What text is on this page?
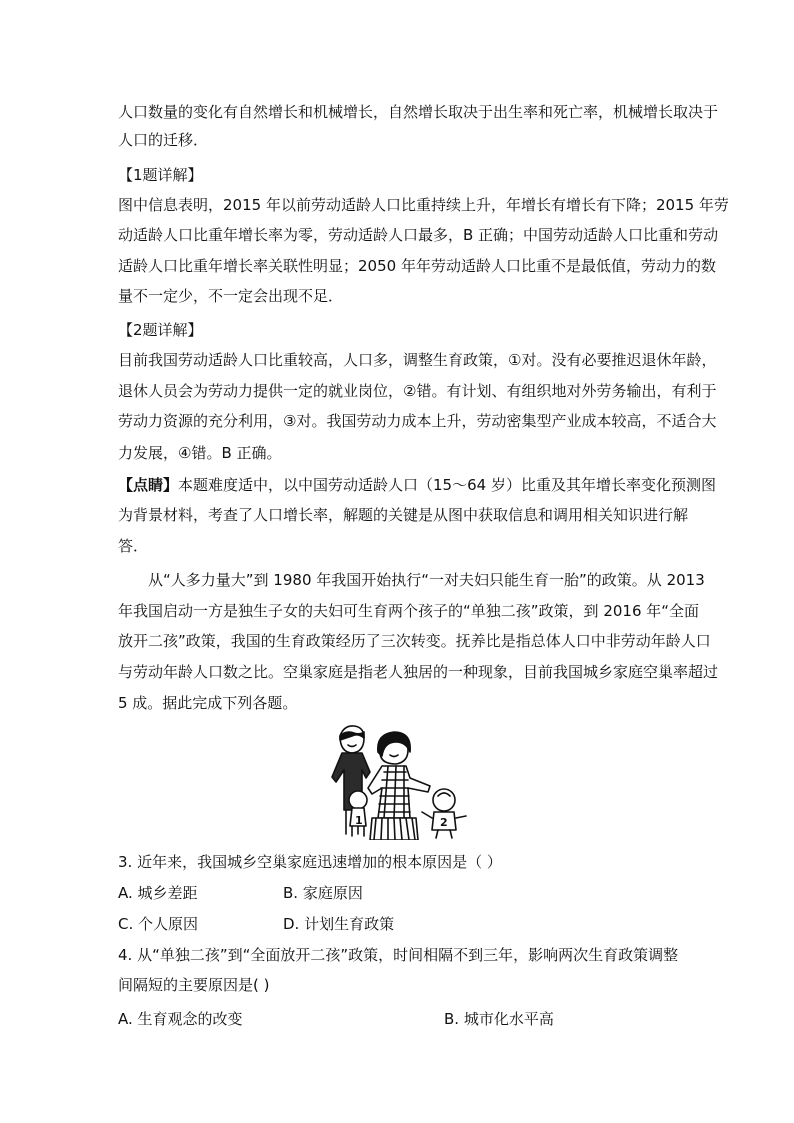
人口数量的变化有自然增长和机械增长，自然增长取决于出生率和死亡率，机械增长取决于
人口的迁移．
【1题详解】
图中信息表明，2015 年以前劳动适龄人口比重持续上升，年增长有增长有下降；2015 年劳
动适龄人口比重年增长率为零，劳动适龄人口最多，B 正确；中国劳动适龄人口比重和劳动
适龄人口比重年增长率关联性明显；2050 年年劳动适龄人口比重不是最低值，劳动力的数
量不一定少，不一定会出现不足．
【2题详解】
目前我国劳动适龄人口比重较高，人口多，调整生育政策，①对。没有必要推迟退休年龄，
退休人员会为劳动力提供一定的就业岗位，②错。有计划、有组织地对外劳务输出，有利于
劳动力资源的充分利用，③对。我国劳动力成本上升，劳动密集型产业成本较高，不适合大
力发展，④错。B 正确。
【点睛】本题难度适中，以中国劳动适龄人口（15～64 岁）比重及其年增长率变化预测图
为背景材料，考查了人口增长率，解题的关键是从图中获取信息和调用相关知识进行解
答．
从“人多力量大”到 1980 年我国开始执行“一对夫妇只能生育一胎”的政策。从 2013
年我国启动一方是独生子女的夫妇可生育两个孩子的“单独二孩”政策，到 2016 年“全面
放开二孩”政策，我国的生育政策经历了三次转变。抚养比是指总体人口中非劳动年龄人口
与劳动年龄人口数之比。空巢家庭是指老人独居的一种现象，目前我国城乡家庭空巢率超过
5 成。据此完成下列各题。
1	2
3. 近年来，我国城乡空巢家庭迅速增加的根本原因是（ ）
A. 城乡差距	B. 家庭原因
C. 个人原因	D. 计划生育政策
4. 从“单独二孩”到“全面放开二孩”政策，时间相隔不到三年，影响两次生育政策调整
间隔短的主要原因是( )
A. 生育观念的改变	B. 城市化水平高
